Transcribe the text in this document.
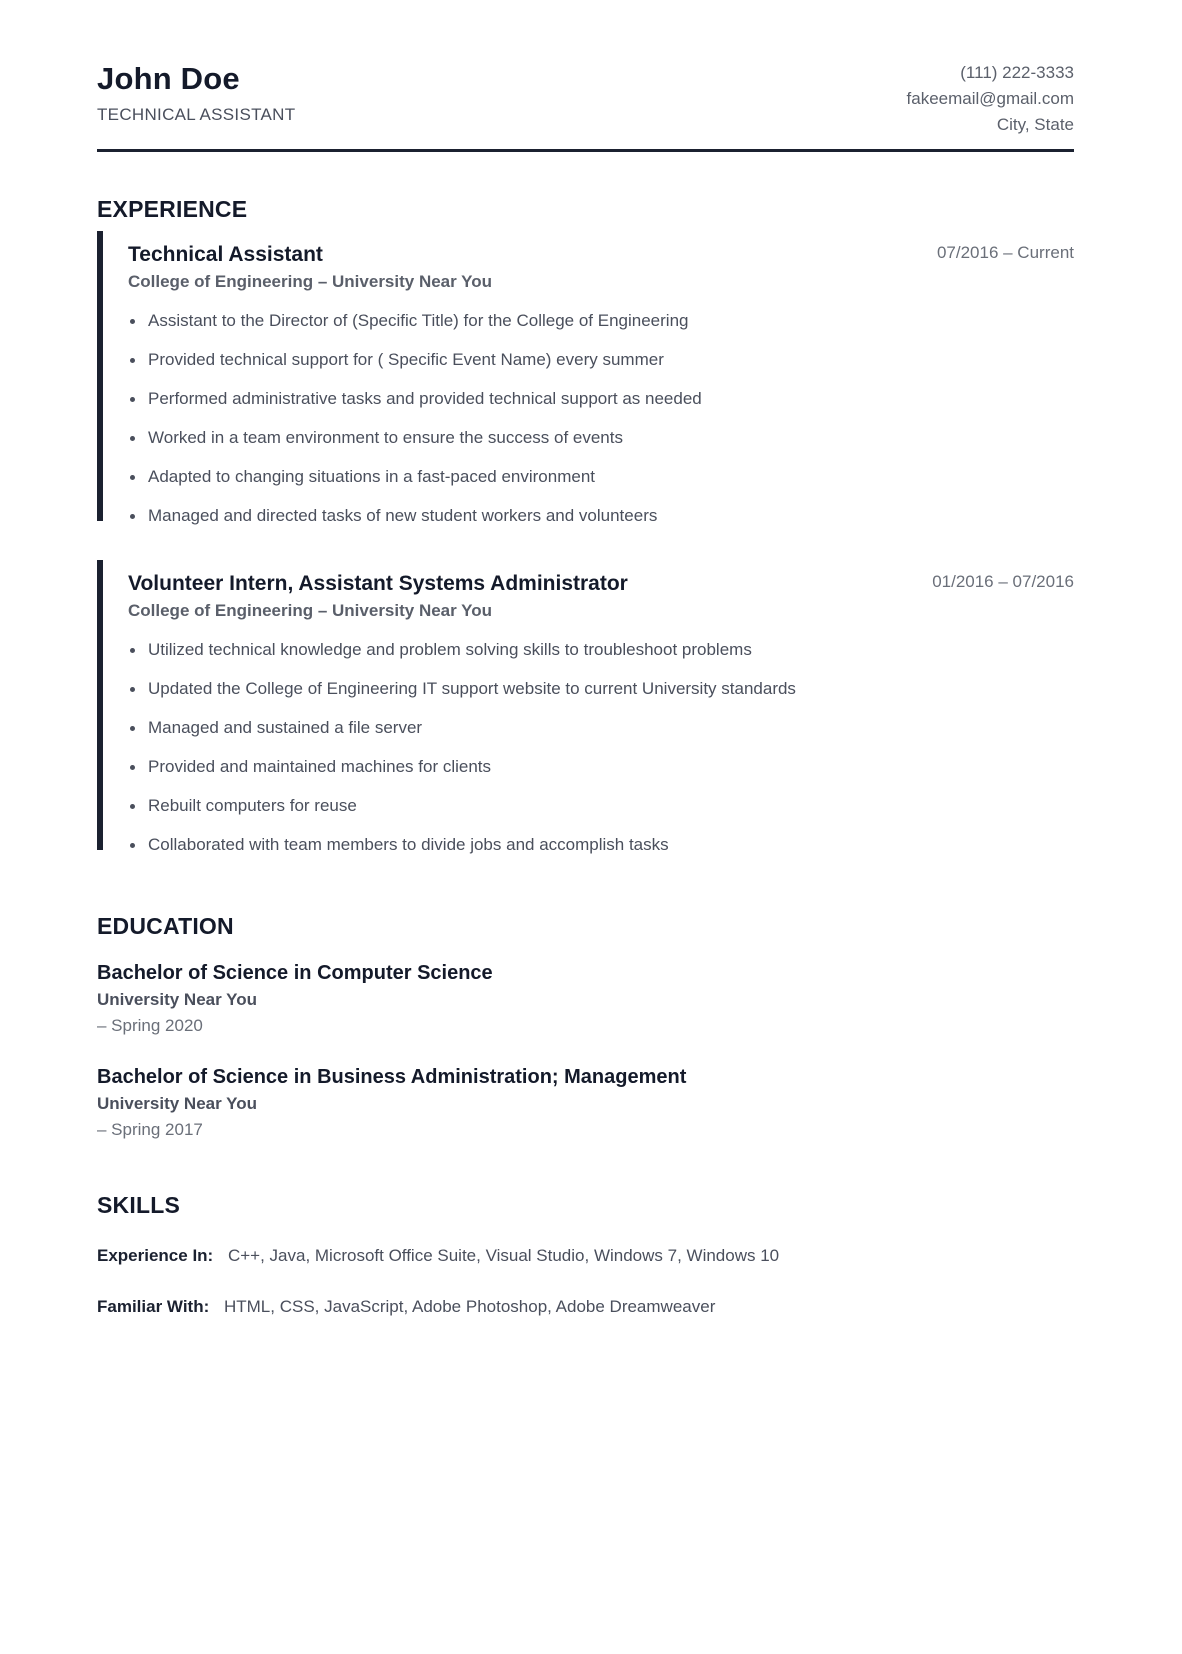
John Doe
TECHNICAL ASSISTANT
(111) 222-3333
fakeemail@gmail.com
City, State
EXPERIENCE
Technical Assistant	07/2016 – Current
College of Engineering – University Near You
Assistant to the Director of (Specific Title) for the College of Engineering
Provided technical support for ( Specific Event Name) every summer
Performed administrative tasks and provided technical support as needed
Worked in a team environment to ensure the success of events
Adapted to changing situations in a fast-paced environment
Managed and directed tasks of new student workers and volunteers
Volunteer Intern, Assistant Systems Administrator	01/2016 – 07/2016
College of Engineering – University Near You
Utilized technical knowledge and problem solving skills to troubleshoot problems
Updated the College of Engineering IT support website to current University standards
Managed and sustained a file server
Provided and maintained machines for clients
Rebuilt computers for reuse
Collaborated with team members to divide jobs and accomplish tasks
EDUCATION
Bachelor of Science in Computer Science
University Near You
– Spring 2020
Bachelor of Science in Business Administration; Management
University Near You
– Spring 2017
SKILLS
Experience In: C++, Java, Microsoft Office Suite, Visual Studio, Windows 7, Windows 10
Familiar With: HTML, CSS, JavaScript, Adobe Photoshop, Adobe Dreamweaver
